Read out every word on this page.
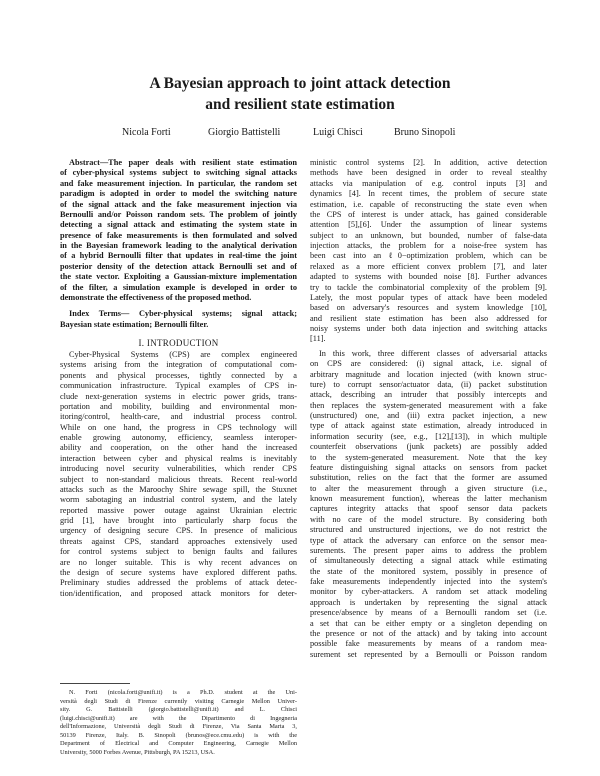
A Bayesian approach to joint attack detection
and resilient state estimation
Nicola Forti	Giorgio Battistelli	Luigi Chisci	Bruno Sinopoli
Abstract—The paper deals with resilient state estimation
of cyber-physical systems subject to switching signal attacks
and fake measurement injection. In particular, the random set
paradigm is adopted in order to model the switching nature
of the signal attack and the fake measurement injection via
Bernoulli and/or Poisson random sets. The problem of jointly
detecting a signal attack and estimating the system state in
presence of fake measurements is then formulated and solved
in the Bayesian framework leading to the analytical derivation
of a hybrid Bernoulli filter that updates in real-time the joint
posterior density of the detection attack Bernoulli set and of
the state vector. Exploiting a Gaussian-mixture implementation
of the filter, a simulation example is developed in order to
demonstrate the effectiveness of the proposed method.
Index Terms— Cyber-physical systems; signal attack;
Bayesian state estimation; Bernoulli filter.
I. INTRODUCTION
Cyber-Physical Systems (CPS) are complex engineered
systems arising from the integration of computational com-
ponents and physical processes, tightly connected by a
communication infrastructure. Typical examples of CPS in-
clude next-generation systems in electric power grids, trans-
portation and mobility, building and environmental mon-
itoring/control, health-care, and industrial process control.
While on one hand, the progress in CPS technology will
enable growing autonomy, efficiency, seamless interoper-
ability and cooperation, on the other hand the increased
interaction between cyber and physical realms is inevitably
introducing novel security vulnerabilities, which render CPS
subject to non-standard malicious threats. Recent real-world
attacks such as the Maroochy Shire sewage spill, the Stuxnet
worm sabotaging an industrial control system, and the lately
reported massive power outage against Ukrainian electric
grid [1], have brought into particularly sharp focus the
urgency of designing secure CPS. In presence of malicious
threats against CPS, standard approaches extensively used
for control systems subject to benign faults and failures
are no longer suitable. This is why recent advances on
the design of secure systems have explored different paths.
Preliminary studies addressed the problems of attack detec-
tion/identification, and proposed attack monitors for deter-
N. Forti (nicola.forti@unifi.it) is a Ph.D. student at the Uni-
versità degli Studi di Firenze currently visiting Carnegie Mellon Univer-
sity. G. Battistelli (giorgio.battistelli@unifi.it) and L. Chisci
(luigi.chisci@unifi.it) are with the Dipartimento di Ingegneria
dell'Informazione, Università degli Studi di Firenze, Via Santa Marta 3,
50139 Firenze, Italy. B. Sinopoli (brunos@ece.cmu.edu) is with the
Department of Electrical and Computer Engineering, Carnegie Mellon
University, 5000 Forbes Avenue, Pittsburgh, PA 15213, USA.
ministic control systems [2]. In addition, active detection
methods have been designed in order to reveal stealthy
attacks via manipulation of e.g. control inputs [3] and
dynamics [4]. In recent times, the problem of secure state
estimation, i.e. capable of reconstructing the state even when
the CPS of interest is under attack, has gained considerable
attention [5],[6]. Under the assumption of linear systems
subject to an unknown, but bounded, number of false-data
injection attacks, the problem for a noise-free system has
been cast into an ℓ0−optimization problem, which can be
relaxed as a more efficient convex problem [7], and later
adapted to systems with bounded noise [8]. Further advances
try to tackle the combinatorial complexity of the problem [9].
Lately, the most popular types of attack have been modeled
based on adversary's resources and system knowledge [10],
and resilient state estimation has been also addressed for
noisy systems under both data injection and switching attacks
[11].
In this work, three different classes of adversarial attacks
on CPS are considered: (i) signal attack, i.e. signal of
arbitrary magnitude and location injected (with known struc-
ture) to corrupt sensor/actuator data, (ii) packet substitution
attack, describing an intruder that possibly intercepts and
then replaces the system-generated measurement with a fake
(unstructured) one, and (iii) extra packet injection, a new
type of attack against state estimation, already introduced in
information security (see, e.g., [12],[13]), in which multiple
counterfeit observations (junk packets) are possibly added
to the system-generated measurement. Note that the key
feature distinguishing signal attacks on sensors from packet
substitution, relies on the fact that the former are assumed
to alter the measurement through a given structure (i.e.,
known measurement function), whereas the latter mechanism
captures integrity attacks that spoof sensor data packets
with no care of the model structure. By considering both
structured and unstructured injections, we do not restrict the
type of attack the adversary can enforce on the sensor mea-
surements. The present paper aims to address the problem
of simultaneously detecting a signal attack while estimating
the state of the monitored system, possibly in presence of
fake measurements independently injected into the system's
monitor by cyber-attackers. A random set attack modeling
approach is undertaken by representing the signal attack
presence/absence by means of a Bernoulli random set (i.e.
a set that can be either empty or a singleton depending on
the presence or not of the attack) and by taking into account
possible fake measurements by means of a random mea-
surement set represented by a Bernoulli or Poisson random
